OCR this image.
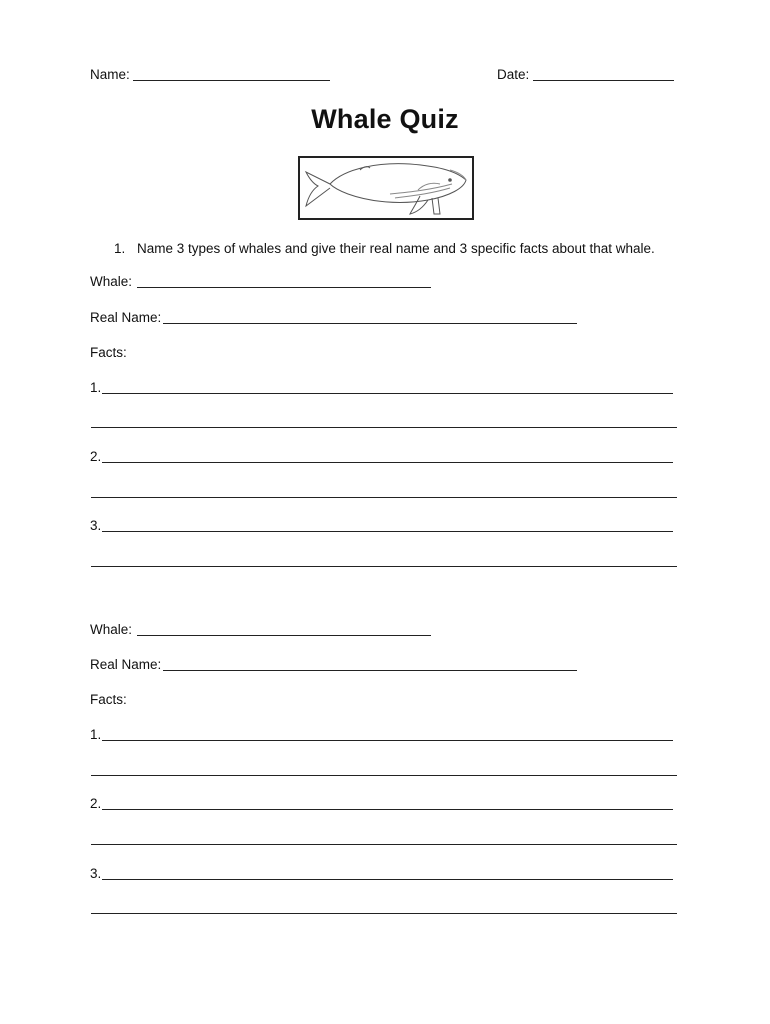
Name:	Date:
Whale Quiz
1. Name 3 types of whales and give their real name and 3 specific facts about that whale.
Whale:
Real Name:
Facts:
1.
2.
3.
Whale:
Real Name:
Facts:
1.
2.
3.
